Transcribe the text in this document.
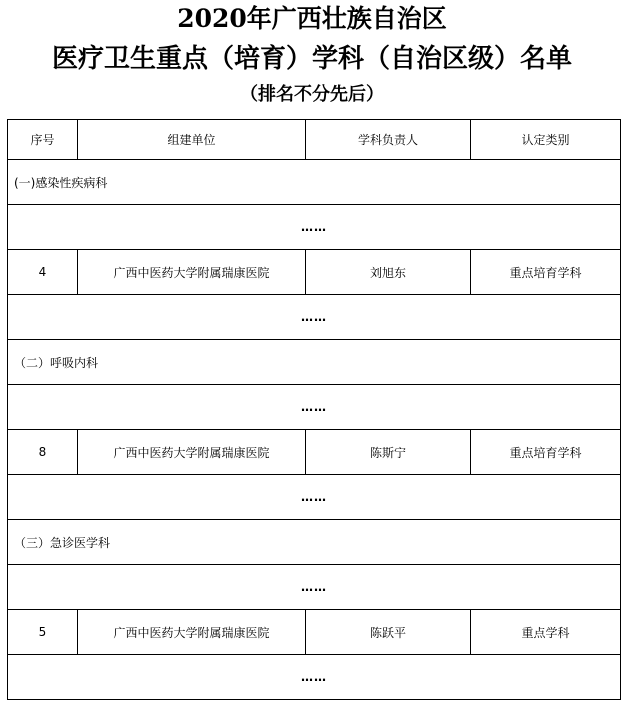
2020年广西壮族自治区
医疗卫生重点（培育）学科（自治区级）名单
（排名不分先后）
序号	组建单位	学科负责人	认定类别
(一)感染性疾病科			
……			
4	广西中医药大学附属瑞康医院	刘旭东	重点培育学科
……			
（二）呼吸内科			
……			
8	广西中医药大学附属瑞康医院	陈斯宁	重点培育学科
……			
（三）急诊医学科			
……			
5	广西中医药大学附属瑞康医院	陈跃平	重点学科
……			
